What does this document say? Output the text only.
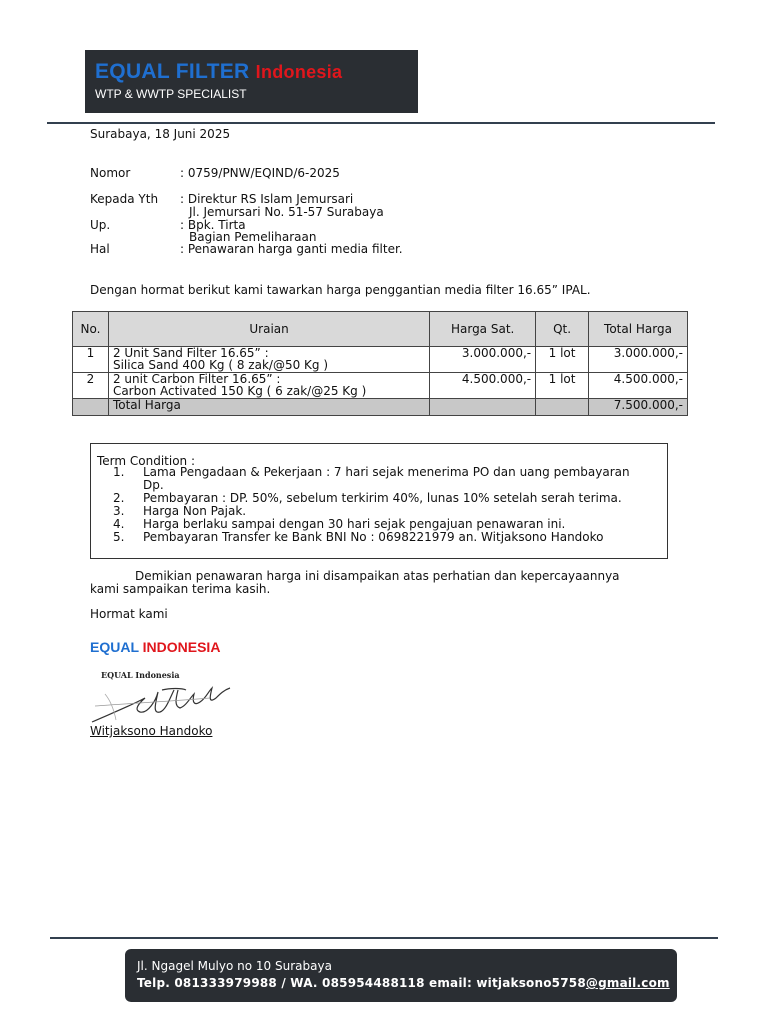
EQUAL FILTER Indonesia
WTP & WWTP SPECIALIST
Surabaya, 18 Juni 2025
Nomor	: 0759/PNW/EQIND/6-2025
Kepada Yth : Direktur RS Islam Jemursari
Jl. Jemursari No. 51-57 Surabaya
Up.	: Bpk. Tirta
Bagian Pemeliharaan
Hal	: Penawaran harga ganti media filter.
Dengan hormat berikut kami tawarkan harga penggantian media filter 16.65” IPAL.
No.	Uraian	Harga Sat.	Qt.	Total Harga
1	2 Unit Sand Filter 16.65” :
Silica Sand 400 Kg ( 8 zak/@50 Kg )	3.000.000,-	1 lot	3.000.000,-
2	2 unit Carbon Filter 16.65” :
Carbon Activated 150 Kg ( 6 zak/@25 Kg )	4.500.000,-	1 lot	4.500.000,-
	Total Harga			7.500.000,-
Term Condition :
1.	Lama Pengadaan & Pekerjaan : 7 hari sejak menerima PO dan uang pembayaran Dp.
2.	Pembayaran : DP. 50%, sebelum terkirim 40%, lunas 10% setelah serah terima.
3.	Harga Non Pajak.
4.	Harga berlaku sampai dengan 30 hari sejak pengajuan penawaran ini.
5.	Pembayaran Transfer ke Bank BNI No : 0698221979 an. Witjaksono Handoko
Demikian penawaran harga ini disampaikan atas perhatian dan kepercayaannya
kami sampaikan terima kasih.
Hormat kami
EQUAL INDONESIA
EQUAL Indonesia
Witjaksono Handoko
Jl. Ngagel Mulyo no 10 Surabaya
Telp. 081333979988 / WA. 085954488118 email: witjaksono5758@gmail.com
